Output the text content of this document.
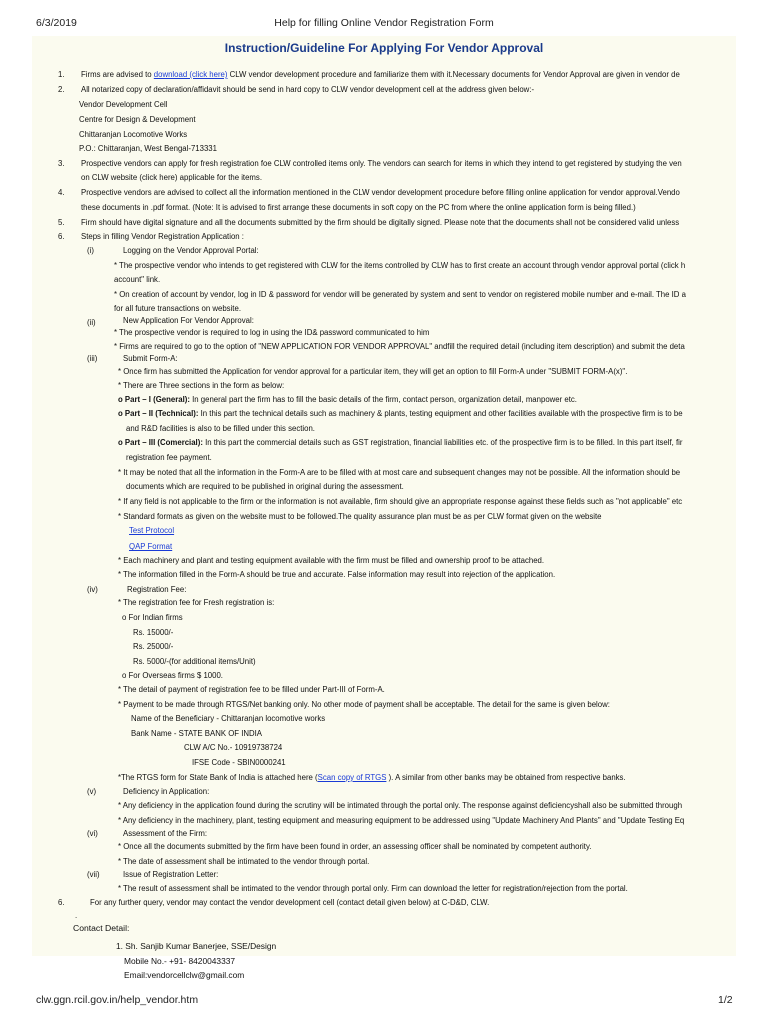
6/3/2019	Help for filling Online Vendor Registration Form
Instruction/Guideline For Applying For Vendor Approval
1. Firms are advised to download (click here) CLW vendor development procedure and familiarize them with it.Necessary documents for Vendor Approval are given in vendor de
2. All notarized copy of declaration/affidavit should be send in hard copy to CLW vendor development cell at the address given below:-
Vendor Development Cell
Centre for Design & Development
Chittaranjan Locomotive Works
P.O.: Chittaranjan, West Bengal-713331
3. Prospective vendors can apply for fresh registration foe CLW controlled items only. The vendors can search for items in which they intend to get registered by studying the ven
on CLW website (click here) applicable for the items.
4. Prospective vendors are advised to collect all the information mentioned in the CLW vendor development procedure before filling online application for vendor approval.Vendo
these documents in .pdf format. (Note: It is advised to first arrange these documents in soft copy on the PC from where the online application form is being filled.)
5. Firm should have digital signature and all the documents submitted by the firm should be digitally signed. Please note that the documents shall not be considered valid unless
6. Steps in filling Vendor Registration Application :
(i)	Logging on the Vendor Approval Portal:
* The prospective vendor who intends to get registered with CLW for the items controlled by CLW has to first create an account through vendor approval portal (click h
account" link.
* On creation of account by vendor, log in ID & password for vendor will be generated by system and sent to vendor on registered mobile number and e-mail. The ID a
for all future transactions on website.
(ii)	New Application For Vendor Approval:
* The prospective vendor is required to log in using the ID& password communicated to him
* Firms are required to go to the option of "NEW APPLICATION FOR VENDOR APPROVAL" andfill the required detail (including item description) and submit the deta
(iii)	Submit Form-A:
* Once firm has submitted the Application for vendor approval for a particular item, they will get an option to fill Form-A under "SUBMIT FORM-A(x)".
* There are Three sections in the form as below:
o Part – I (General): In general part the firm has to fill the basic details of the firm, contact person, organization detail, manpower etc.
o Part – II (Technical): In this part the technical details such as machinery & plants, testing equipment and other facilities available with the prospective firm is to be
and R&D facilities is also to be filled under this section.
o Part – III (Comercial): In this part the commercial details such as GST registration, financial liabilities etc. of the prospective firm is to be filled. In this part itself, fir
registration fee payment.
* It may be noted that all the information in the Form-A are to be filled with at most care and subsequent changes may not be possible. All the information should be
documents which are required to be published in original during the assessment.
* If any field is not applicable to the firm or the information is not available, firm should give an appropriate response against these fields such as "not applicable" etc
* Standard formats as given on the website must to be followed.The quality assurance plan must be as per CLW format given on the website
Test Protocol
QAP Format
* Each machinery and plant and testing equipment available with the firm must be filled and ownership proof to be attached.
* The information filled in the Form-A should be true and accurate. False information may result into rejection of the application.
(iv)	Registration Fee:
* The registration fee for Fresh registration is:
o For Indian firms
Rs. 15000/-
Rs. 25000/-
Rs. 5000/-(for additional items/Unit)
o For Overseas firms $ 1000.
* The detail of payment of registration fee to be filled under Part-III of Form-A.
* Payment to be made through RTGS/Net banking only. No other mode of payment shall be acceptable. The detail for the same is given below:
Name of the Beneficiary - Chittaranjan locomotive works
Bank Name - STATE BANK OF INDIA
CLW A/C No.- 10919738724
IFSE Code - SBIN0000241
*The RTGS form for State Bank of India is attached here (Scan copy of RTGS ). A similar from other banks may be obtained from respective banks.
(v)	Deficiency in Application:
* Any deficiency in the application found during the scrutiny will be intimated through the portal only. The response against deficiencyshall also be submitted through
* Any deficiency in the machinery, plant, testing equipment and measuring equipment to be addressed using "Update Machinery And Plants" and "Update Testing Eq
(vi)	Assessment of the Firm:
* Once all the documents submitted by the firm have been found in order, an assessing officer shall be nominated by competent authority.
* The date of assessment shall be intimated to the vendor through portal.
(vii)	Issue of Registration Letter:
* The result of assessment shall be intimated to the vendor through portal only. Firm can download the letter for registration/rejection from the portal.
6.	For any further query, vendor may contact the vendor development cell (contact detail given below) at C-D&D, CLW.
.
Contact Detail:
1. Sh. Sanjib Kumar Banerjee, SSE/Design
Mobile No.- +91- 8420043337
Email:vendorcellclw@gmail.com
clw.ggn.rcil.gov.in/help_vendor.htm	1/2
